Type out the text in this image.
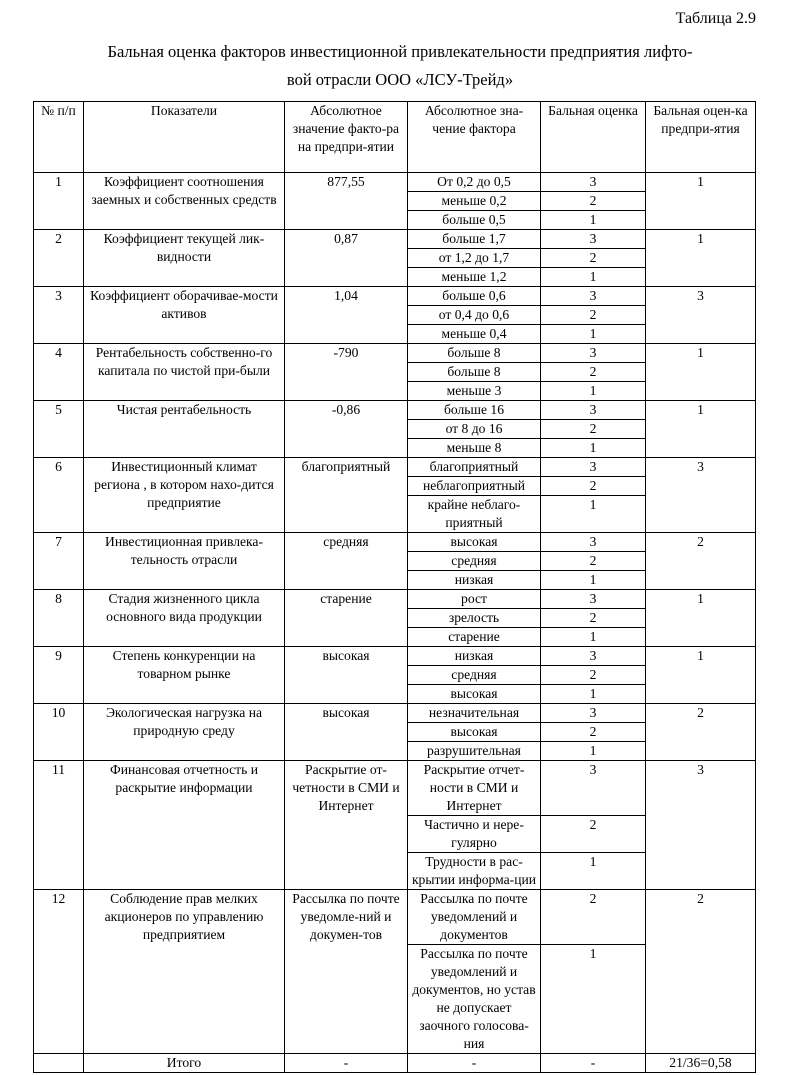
Таблица 2.9
Бальная оценка факторов инвестиционной привлекательности предприятия лифто-
вой отрасли ООО «ЛСУ-Трейд»
№ п/п	Показатели	Абсолютное значение факто-ра на предпри-ятии	Абсолютное зна-чение фактора	Бальная оценка	Бальная оцен-ка предпри-ятия
1	Коэффициент соотношения заемных и собственных средств	877,55	От 0,2 до 0,5	3	1
			меньше 0,2	2	
			больше 0,5	1	
2	Коэффициент текущей лик-видности	0,87	больше 1,7	3	1
			от 1,2 до 1,7	2	
			меньше 1,2	1	
3	Коэффициент оборачивае-мости активов	1,04	больше 0,6	3	3
			от 0,4 до 0,6	2	
			меньше 0,4	1	
4	Рентабельность собственно-го капитала по чистой при-были	-790	больше 8	3	1
			больше 8	2	
			меньше 3	1	
5	Чистая рентабельность	-0,86	больше 16	3	1
			от 8 до 16	2	
			меньше 8	1	
6	Инвестиционный климат региона , в котором нахо-дится предприятие	благоприятный	благоприятный	3	3
			неблагоприятный	2	
			крайне неблаго-приятный	1	
7	Инвестиционная привлека-тельность отрасли	средняя	высокая	3	2
			средняя	2	
			низкая	1	
8	Стадия жизненного цикла основного вида продукции	старение	рост	3	1
			зрелость	2	
			старение	1	
9	Степень конкуренции на товарном рынке	высокая	низкая	3	1
			средняя	2	
			высокая	1	
10	Экологическая нагрузка на природную среду	высокая	незначительная	3	2
			высокая	2	
			разрушительная	1	
11	Финансовая отчетность и раскрытие информации	Раскрытие от-четности в СМИ и Интернет	Раскрытие отчет-ности в СМИ и Интернет	3	3
			Частично и нере-гулярно	2	
			Трудности в рас-крытии информа-ции	1	
12	Соблюдение прав мелких акционеров по управлению предприятием	Рассылка по почте уведомле-ний и докумен-тов	Рассылка по почте уведомлений и документов	2	2
			Рассылка по почте уведомлений и документов, но устав не допускает заочного голосова-ния	1	
	Итого	-	-	-	21/36=0,58
